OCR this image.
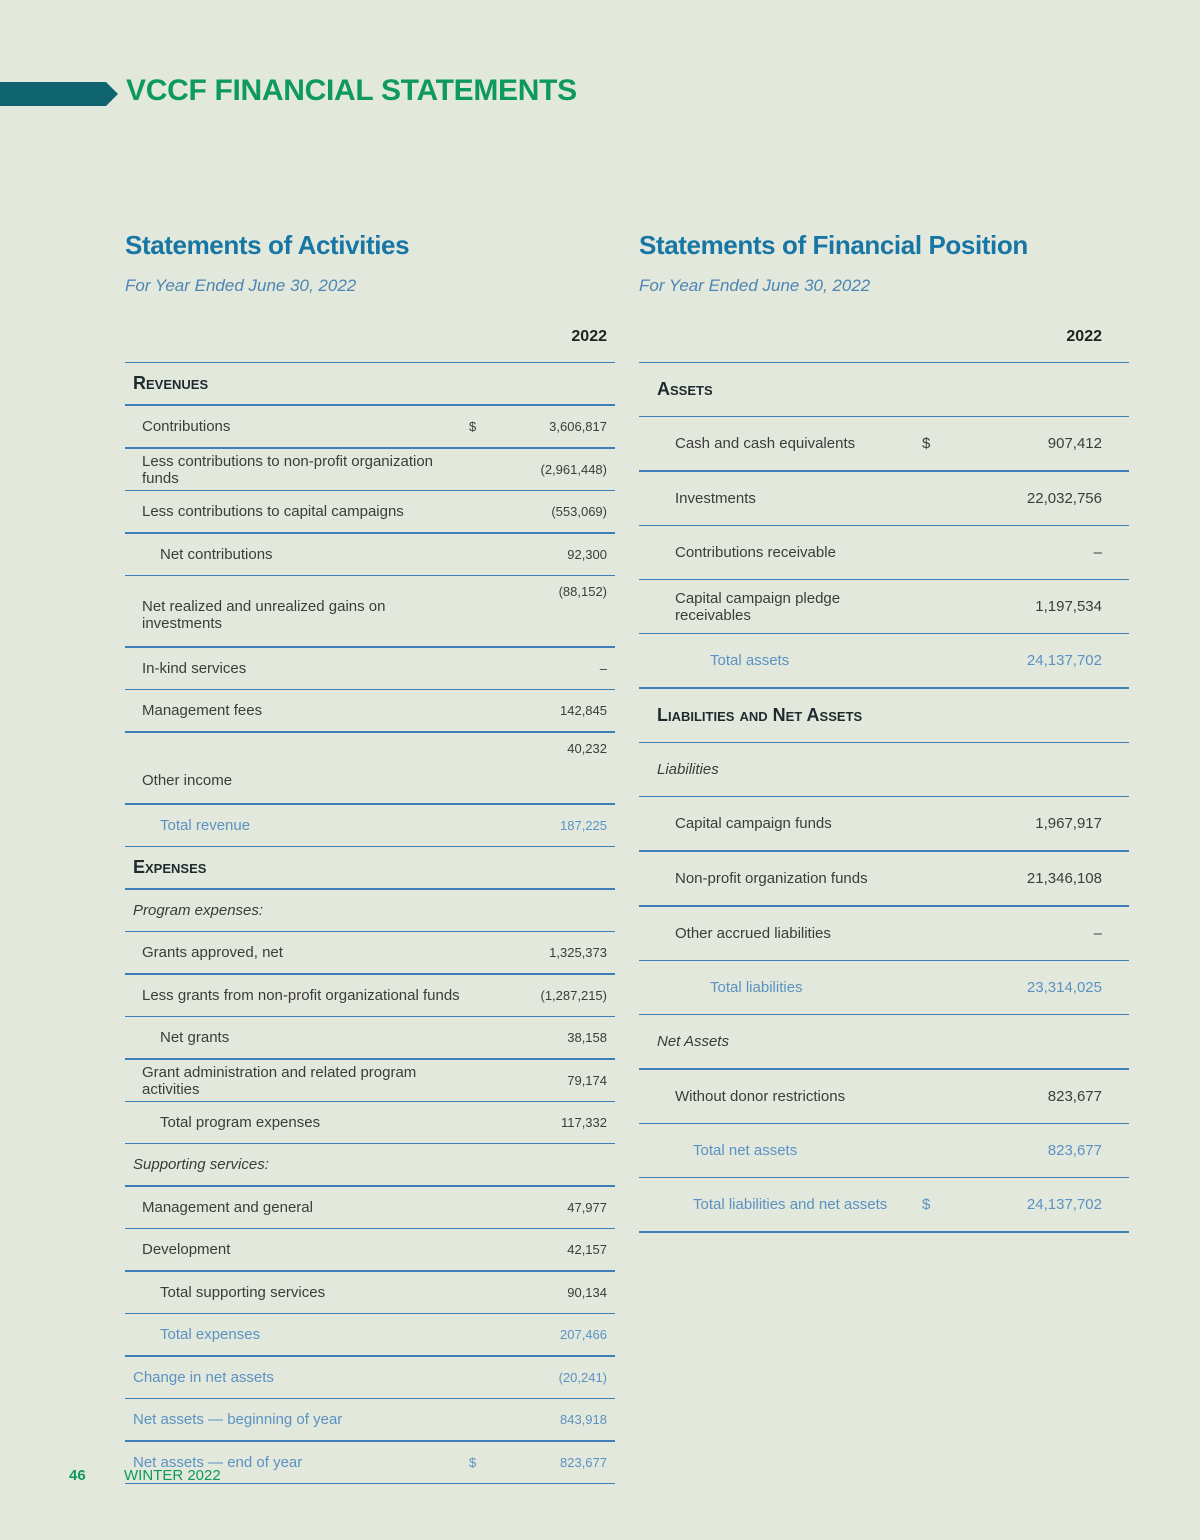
VCCF FINANCIAL STATEMENTS
Statements of Activities

For Year Ended June 30, 2022

		2022
Revenues		
Contributions	$	3,606,817
Less contributions to non-profit organization funds		(2,961,448)
Less contributions to capital campaigns		(553,069)
Net contributions		92,300
Net realized and unrealized gains on investments		(88,152)
In-kind services		–
Management fees		142,845
Other income		40,232
Total revenue		187,225
Expenses		
Program expenses:		
Grants approved, net		1,325,373
Less grants from non-profit organizational funds		(1,287,215)
Net grants		38,158
Grant administration and related program activities		79,174
Total program expenses		117,332
Supporting services:		
Management and general		47,977
Development		42,157
Total supporting services		90,134
Total expenses		207,466
Change in net assets		(20,241)
Net assets — beginning of year		843,918
Net assets — end of year	$	823,677
Statements of Financial Position

For Year Ended June 30, 2022

		2022
Assets		
Cash and cash equivalents	$	907,412
Investments		22,032,756
Contributions receivable		–
Capital campaign pledge receivables		1,197,534
Total assets		24,137,702
Liabilities and Net Assets		
Liabilities		
Capital campaign funds		1,967,917
Non-profit organization funds		21,346,108
Other accrued liabilities		–
Total liabilities		23,314,025
Net Assets		
Without donor restrictions		823,677
Total net assets		823,677
Total liabilities and net assets	$	24,137,702
46	WINTER 2022
